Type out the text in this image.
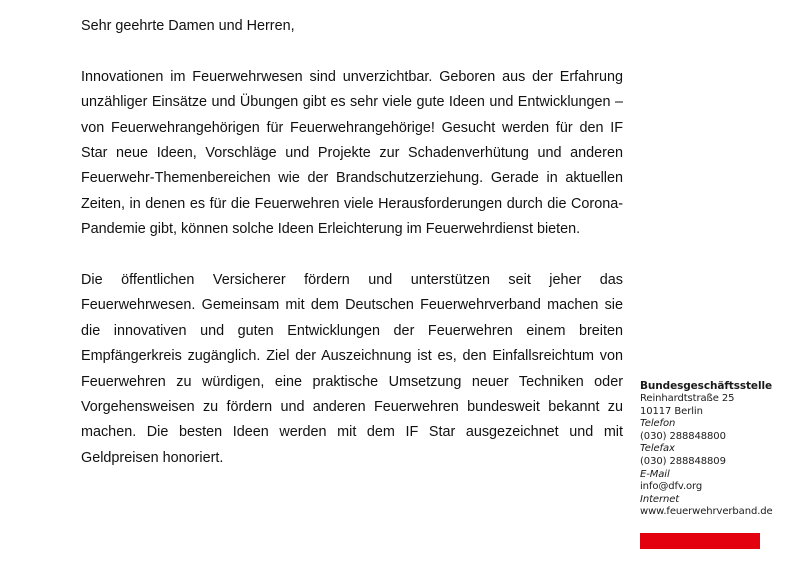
Sehr geehrte Damen und Herren,

Innovationen im Feuerwehrwesen sind unverzichtbar. Geboren aus der Erfahrung unzähliger Einsätze und Übungen gibt es sehr viele gute Ideen und Entwicklungen – von Feuerwehrangehörigen für Feuerwehrangehörige! Gesucht werden für den IF Star neue Ideen, Vorschläge und Projekte zur Schadenverhütung und anderen Feuerwehr-Themenbereichen wie der Brandschutzerziehung. Gerade in aktuellen Zeiten, in denen es für die Feuerwehren viele Herausforderungen durch die Corona-Pandemie gibt, können solche Ideen Erleichterung im Feuerwehrdienst bieten.

Die öffentlichen Versicherer fördern und unterstützen seit jeher das Feuerwehrwesen. Gemeinsam mit dem Deutschen Feuerwehrverband machen sie die innovativen und guten Entwicklungen der Feuerwehren einem breiten Empfängerkreis zugänglich. Ziel der Auszeichnung ist es, den Einfallsreichtum von Feuerwehren zu würdigen, eine praktische Umsetzung neuer Techniken oder Vorgehensweisen zu fördern und anderen Feuerwehren bundesweit bekannt zu machen. Die besten Ideen werden mit dem IF Star ausgezeichnet und mit Geldpreisen honoriert.

Bundesgeschäftsstelle
Reinhardtstraße 25
10117 Berlin
Telefon
(030) 288848800
Telefax
(030) 288848809
E-Mail
info@dfv.org
Internet
www.feuerwehrverband.de
